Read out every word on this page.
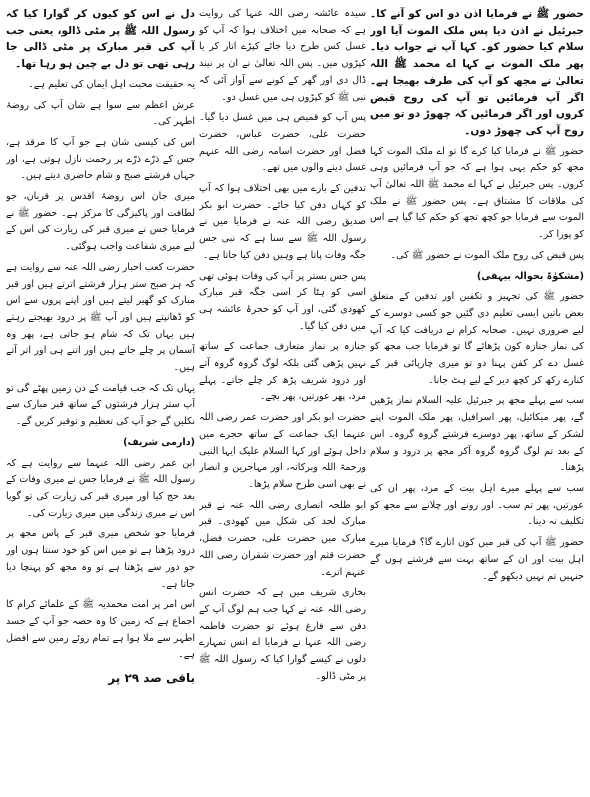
حضور ﷺ نے فرمایا اذن دو اس کو آنے کا۔ جبرئیل نے اذن دیا پس ملک الموت آیا اور سلام کیا حضور کو۔ کہا آپ نے جواب دیا۔ پھر ملک الموت نے کہا اے محمد ﷺ اللہ تعالیٰ نے مجھ کو آپ کی طرف بھیجا ہے۔ اگر آپ فرمائیں تو آپ کی روح قبض کروں اور اگر فرمائیں کہ چھوڑ دو تو میں روح آپ کی چھوڑ دوں۔

حضور ﷺ نے فرمایا کیا کرے گا تو اے ملک الموت کہا مجھ کو حکم یہی ہوا ہے کہ جو آپ فرمائیں وہی کروں۔ پس جبرئیل نے کہا اے محمد ﷺ اللہ تعالیٰ آپ کی ملاقات کا مشتاق ہے۔ پس حضور ﷺ نے ملک الموت سے فرمایا جو کچھ تجھ کو حکم کیا گیا ہے اس کو پورا کر۔

پس قبض کی روح ملک الموت نے حضور ﷺ کی۔

(مشکوٰۃ بحوالہ بیہقی)

حضور ﷺ کی تجہیز و تکفین اور تدفین کے متعلق بعض باتیں ایسی تعلیم دی گئیں جو کسی دوسرے کے لیے ضروری نہیں۔ صحابہ کرام نے دریافت کیا کہ آپ کی نماز جنازہ کون پڑھائے گا تو فرمایا جب مجھ کو غسل دے کر کفن پہنا دو تو میری چارپائی قبر کے کنارے رکھ کر کچھ دیر کے لیے ہٹ جانا۔

سب سے پہلے مجھ پر جبرئیل علیہ السلام نماز پڑھیں گے، پھر میکائیل، پھر اسرافیل، پھر ملک الموت اپنے لشکر کے ساتھ، پھر دوسرے فرشتے گروہ گروہ۔ اس کے بعد تم لوگ گروہ گروہ آکر مجھ پر درود و سلام پڑھنا۔

سب سے پہلے میرے اہل بیت کے مرد، پھر ان کی عورتیں، پھر تم سب۔ اور رونے اور چلانے سے مجھ کو تکلیف نہ دینا۔

حضور ﷺ آپ کی قبر میں کون اتارے گا؟ فرمایا میرے اہل بیت اور ان کے ساتھ بہت سے فرشتے ہوں گے جنہیں تم نہیں دیکھو گے۔

سیدہ عائشہ رضی اللہ عنہا کی روایت ہے کہ صحابہ میں اختلاف ہوا کہ آپ کو غسل کس طرح دیا جائے کپڑے اتار کر یا کپڑوں میں۔ پس اللہ تعالیٰ نے ان پر نیند ڈال دی اور گھر کے کونے سے آواز آئی کہ نبی ﷺ کو کپڑوں ہی میں غسل دو۔

پس آپ کو قمیص ہی میں غسل دیا گیا۔ حضرت علی، حضرت عباس، حضرت فضل اور حضرت اسامہ رضی اللہ عنہم غسل دینے والوں میں تھے۔

تدفین کے بارے میں بھی اختلاف ہوا کہ آپ کو کہاں دفن کیا جائے۔ حضرت ابو بکر صدیق رضی اللہ عنہ نے فرمایا میں نے رسول اللہ ﷺ سے سنا ہے کہ نبی جس جگہ وفات پاتا ہے وہیں دفن کیا جاتا ہے۔

پس جس بستر پر آپ کی وفات ہوئی تھی اسی کو ہٹا کر اسی جگہ قبر مبارک کھودی گئی، اور آپ کو حجرۂ عائشہ ہی میں دفن کیا گیا۔

جنازہ پر نماز متعارف جماعت کے ساتھ نہیں پڑھی گئی بلکہ لوگ گروہ گروہ آتے اور درود شریف پڑھ کر چلے جاتے۔ پہلے مرد، پھر عورتیں، پھر بچے۔

حضرت ابو بکر اور حضرت عمر رضی اللہ عنہما ایک جماعت کے ساتھ حجرے میں داخل ہوئے اور کہا السلام علیک ایہا النبی ورحمۃ اللہ وبرکاتہ، اور مہاجرین و انصار نے بھی اسی طرح سلام پڑھا۔

ابو طلحہ انصاری رضی اللہ عنہ نے قبر مبارک لحد کی شکل میں کھودی۔ قبر مبارک میں حضرت علی، حضرت فضل، حضرت قثم اور حضرت شقران رضی اللہ عنہم اترے۔

بخاری شریف میں ہے کہ حضرت انس رضی اللہ عنہ نے کہا جب ہم لوگ آپ کے دفن سے فارغ ہوئے تو حضرت فاطمہ رضی اللہ عنہا نے فرمایا اے انس تمہارے دلوں نے کیسے گوارا کیا کہ رسول اللہ ﷺ پر مٹی ڈالو۔

دل نے اس کو کیوں کر گوارا کیا کہ رسول اللہ ﷺ پر مٹی ڈالو، یعنی جب آپ کی قبر مبارک پر مٹی ڈالی جا رہی تھی تو دل بے چین ہو رہا تھا۔

یہ حقیقت محبت اہل ایمان کی تعلیم ہے۔

عرش اعظم سے سوا ہے شان آپ کی روضۂ اطہر کی۔

اس کی کیسی شان ہے جو آپ کا مرقد ہے، جس کے ذرّے ذرّے پر رحمت نازل ہوتی ہے، اور جہاں فرشتے صبح و شام حاضری دیتے ہیں۔

میری جان اس روضۂ اقدس پر قربان، جو لطافت اور پاکیزگی کا مرکز ہے۔ حضور ﷺ نے فرمایا جس نے میری قبر کی زیارت کی اس کے لیے میری شفاعت واجب ہوگئی۔

حضرت کعب احبار رضی اللہ عنہ سے روایت ہے کہ ہر صبح ستر ہزار فرشتے اترتے ہیں اور قبر مبارک کو گھیر لیتے ہیں اور اپنے پروں سے اس کو ڈھانپتے ہیں اور آپ ﷺ پر درود بھیجتے رہتے ہیں یہاں تک کہ شام ہو جاتی ہے، پھر وہ آسمان پر چلے جاتے ہیں اور اتنے ہی اور اتر آتے ہیں۔

یہاں تک کہ جب قیامت کے دن زمین پھٹے گی تو آپ ستر ہزار فرشتوں کے ساتھ قبر مبارک سے نکلیں گے جو آپ کی تعظیم و توقیر کریں گے۔

(دارمی شریف)

ابن عمر رضی اللہ عنہما سے روایت ہے کہ رسول اللہ ﷺ نے فرمایا جس نے میری وفات کے بعد حج کیا اور میری قبر کی زیارت کی تو گویا اس نے میری زندگی میں میری زیارت کی۔

فرمایا جو شخص میری قبر کے پاس مجھ پر درود پڑھتا ہے تو میں اس کو خود سنتا ہوں اور جو دور سے پڑھتا ہے تو وہ مجھ کو پہنچا دیا جاتا ہے۔

اس امر پر امت محمدیہ ﷺ کے علمائے کرام کا اجماع ہے کہ زمین کا وہ حصہ جو آپ کے جسد اطہر سے ملا ہوا ہے تمام روئے زمین سے افضل ہے۔

باقی صد ۲۹ پر
